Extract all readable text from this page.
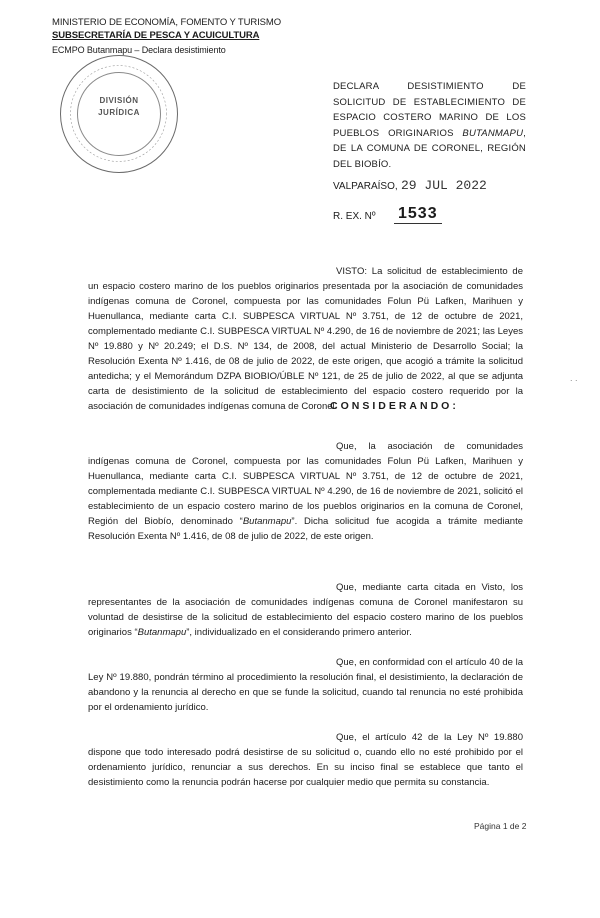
MINISTERIO DE ECONOMÍA, FOMENTO Y TURISMO
SUBSECRETARÍA DE PESCA Y ACUICULTURA
ECMPO Butanmapu – Declara desistimiento
DIVISIÓN
JURÍDICA
DECLARA DESISTIMIENTO DE SOLICITUD DE ESTABLECIMIENTO DE ESPACIO COSTERO MARINO DE LOS PUEBLOS ORIGINARIOS BUTANMAPU, DE LA COMUNA DE CORONEL, REGIÓN DEL BIOBÍO.
VALPARAÍSO, 29 JUL 2022
R. EX. Nº 1533
VISTO: La solicitud de establecimiento de un espacio costero marino de los pueblos originarios presentada por la asociación de comunidades indígenas comuna de Coronel, compuesta por las comunidades Folun Pü Lafken, Marihuen y Huenullanca, mediante carta C.I. SUBPESCA VIRTUAL Nº 3.751, de 12 de octubre de 2021, complementado mediante C.I. SUBPESCA VIRTUAL Nº 4.290, de 16 de noviembre de 2021; las Leyes Nº 19.880 y Nº 20.249; el D.S. Nº 134, de 2008, del actual Ministerio de Desarrollo Social; la Resolución Exenta Nº 1.416, de 08 de julio de 2022, de este origen, que acogió a trámite la solicitud antedicha; y el Memorándum DZPA BIOBIO/ÚBLE Nº 121, de 25 de julio de 2022, al que se adjunta carta de desistimiento de la solicitud de establecimiento del espacio costero requerido por la asociación de comunidades indígenas comuna de Coronel.
CONSIDERANDO:
Que, la asociación de comunidades indígenas comuna de Coronel, compuesta por las comunidades Folun Pü Lafken, Marihuen y Huenullanca, mediante carta C.I. SUBPESCA VIRTUAL Nº 3.751, de 12 de octubre de 2021, complementada mediante C.I. SUBPESCA VIRTUAL Nº 4.290, de 16 de noviembre de 2021, solicitó el establecimiento de un espacio costero marino de los pueblos originarios en la comuna de Coronel, Región del Biobío, denominado “Butanmapu”. Dicha solicitud fue acogida a trámite mediante Resolución Exenta Nº 1.416, de 08 de julio de 2022, de este origen.
Que, mediante carta citada en Visto, los representantes de la asociación de comunidades indígenas comuna de Coronel manifestaron su voluntad de desistirse de la solicitud de establecimiento del espacio costero marino de los pueblos originarios “Butanmapu”, individualizado en el considerando primero anterior.
Que, en conformidad con el artículo 40 de la Ley Nº 19.880, pondrán término al procedimiento la resolución final, el desistimiento, la declaración de abandono y la renuncia al derecho en que se funde la solicitud, cuando tal renuncia no esté prohibida por el ordenamiento jurídico.
Que, el artículo 42 de la Ley Nº 19.880 dispone que todo interesado podrá desistirse de su solicitud o, cuando ello no esté prohibido por el ordenamiento jurídico, renunciar a sus derechos. En su inciso final se establece que tanto el desistimiento como la renuncia podrán hacerse por cualquier medio que permita su constancia.
. .
Página 1 de 2
